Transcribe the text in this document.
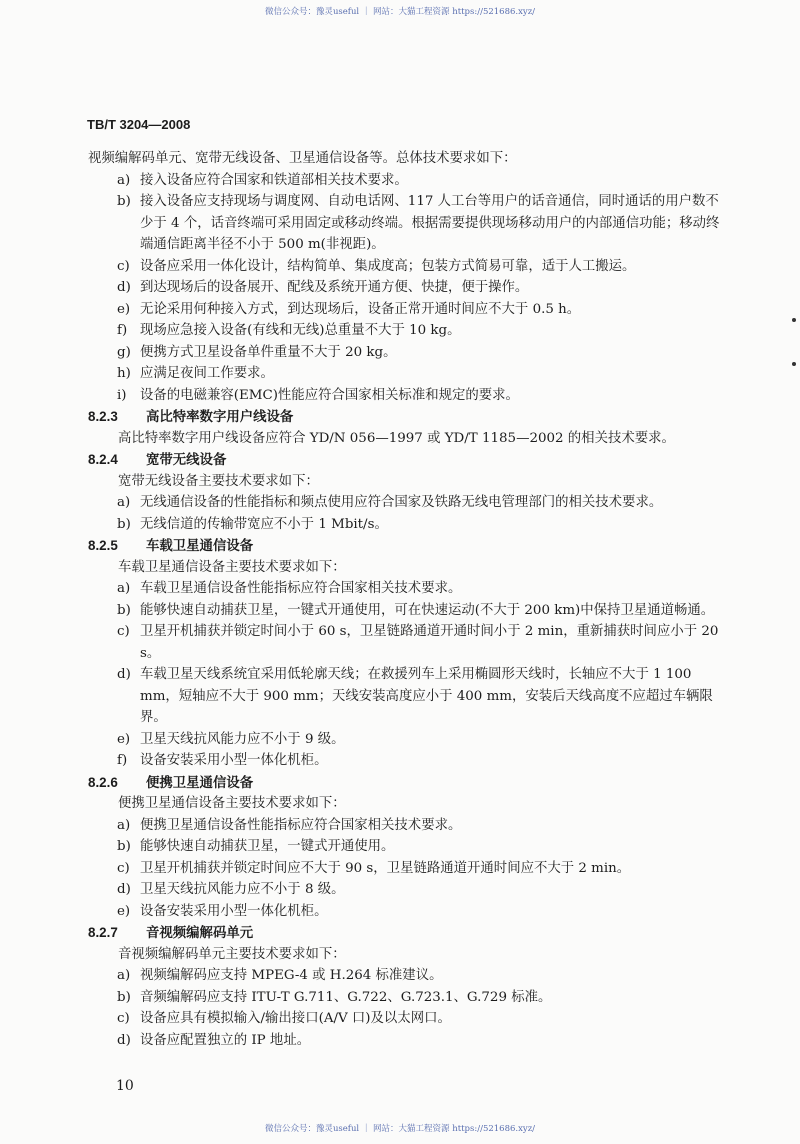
微信公众号：豫灵useful ｜ 网站：大猫工程资源 https://521686.xyz/
TB/T 3204—2008

视频编解码单元、宽带无线设备、卫星通信设备等。总体技术要求如下：

a) 接入设备应符合国家和铁道部相关技术要求。
b) 接入设备应支持现场与调度网、自动电话网、117 人工台等用户的话音通信，同时通话的用户数不少于 4 个，话音终端可采用固定或移动终端。根据需要提供现场移动用户的内部通信功能；移动终端通信距离半径不小于 500 m(非视距)。
c) 设备应采用一体化设计，结构简单、集成度高；包装方式简易可靠，适于人工搬运。
d) 到达现场后的设备展开、配线及系统开通方便、快捷，便于操作。
e) 无论采用何种接入方式，到达现场后，设备正常开通时间应不大于 0.5 h。
f) 现场应急接入设备(有线和无线)总重量不大于 10 kg。
g) 便携方式卫星设备单件重量不大于 20 kg。
h) 应满足夜间工作要求。
i) 设备的电磁兼容(EMC)性能应符合国家相关标准和规定的要求。
8.2.3 高比特率数字用户线设备
高比特率数字用户线设备应符合 YD/N 056—1997 或 YD/T 1185—2002 的相关技术要求。
8.2.4 宽带无线设备
宽带无线设备主要技术要求如下：
a) 无线通信设备的性能指标和频点使用应符合国家及铁路无线电管理部门的相关技术要求。
b) 无线信道的传输带宽应不小于 1 Mbit/s。
8.2.5 车载卫星通信设备
车载卫星通信设备主要技术要求如下：
a) 车载卫星通信设备性能指标应符合国家相关技术要求。
b) 能够快速自动捕获卫星，一键式开通使用，可在快速运动(不大于 200 km)中保持卫星通道畅通。
c) 卫星开机捕获并锁定时间小于 60 s，卫星链路通道开通时间小于 2 min，重新捕获时间应小于 20 s。
d) 车载卫星天线系统宜采用低轮廓天线；在救援列车上采用椭圆形天线时，长轴应不大于 1 100 mm，短轴应不大于 900 mm；天线安装高度应小于 400 mm，安装后天线高度不应超过车辆限界。
e) 卫星天线抗风能力应不小于 9 级。
f) 设备安装采用小型一体化机柜。
8.2.6 便携卫星通信设备
便携卫星通信设备主要技术要求如下：
a) 便携卫星通信设备性能指标应符合国家相关技术要求。
b) 能够快速自动捕获卫星，一键式开通使用。
c) 卫星开机捕获并锁定时间应不大于 90 s，卫星链路通道开通时间应不大于 2 min。
d) 卫星天线抗风能力应不小于 8 级。
e) 设备安装采用小型一体化机柜。
8.2.7 音视频编解码单元
音视频编解码单元主要技术要求如下：
a) 视频编解码应支持 MPEG-4 或 H.264 标准建议。
b) 音频编解码应支持 ITU-T G.711、G.722、G.723.1、G.729 标准。
c) 设备应具有模拟输入/输出接口(A/V 口)及以太网口。
d) 设备应配置独立的 IP 地址。
10
微信公众号：豫灵useful ｜ 网站：大猫工程资源 https://521686.xyz/
